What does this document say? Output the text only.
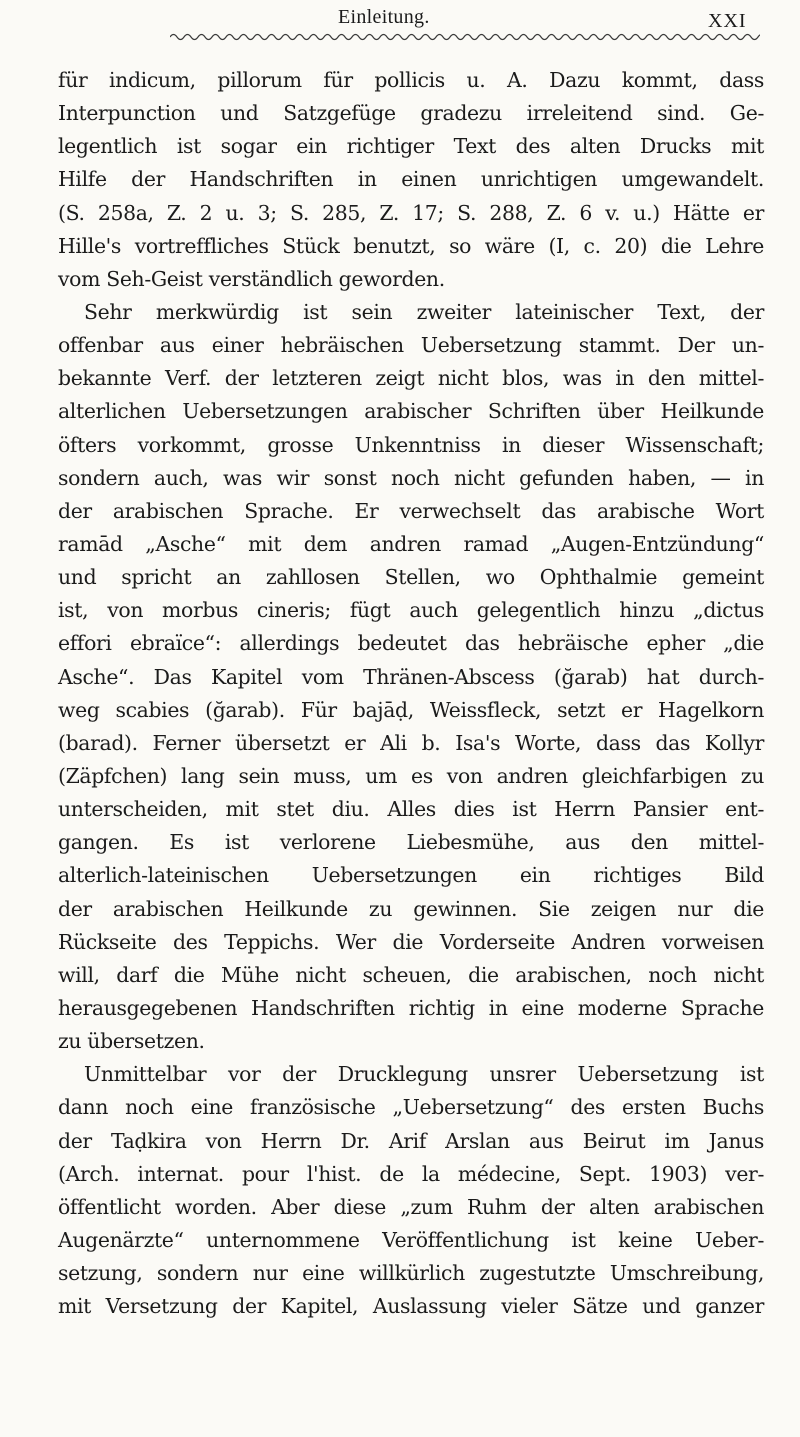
Einleitung.	XXI
für indicum, pillorum für pollicis u. A. Dazu kommt, dass
Interpunction und Satzgefüge gradezu irreleitend sind. Ge-
legentlich ist sogar ein richtiger Text des alten Drucks mit
Hilfe der Handschriften in einen unrichtigen umgewandelt.
(S. 258a, Z. 2 u. 3; S. 285, Z. 17; S. 288, Z. 6 v. u.) Hätte er
Hille's vortreffliches Stück benutzt, so wäre (I, c. 20) die Lehre
vom Seh-Geist verständlich geworden.
Sehr merkwürdig ist sein zweiter lateinischer Text, der
offenbar aus einer hebräischen Uebersetzung stammt. Der un-
bekannte Verf. der letzteren zeigt nicht blos, was in den mittel-
alterlichen Uebersetzungen arabischer Schriften über Heilkunde
öfters vorkommt, grosse Unkenntniss in dieser Wissenschaft;
sondern auch, was wir sonst noch nicht gefunden haben, — in
der arabischen Sprache. Er verwechselt das arabische Wort
ramād „Asche“ mit dem andren ramad „Augen-Entzündung“
und spricht an zahllosen Stellen, wo Ophthalmie gemeint
ist, von morbus cineris; fügt auch gelegentlich hinzu „dictus
effori ebraïce“: allerdings bedeutet das hebräische epher „die
Asche“. Das Kapitel vom Thränen-Abscess (ğarab) hat durch-
weg scabies (ğarab). Für bajāḍ, Weissfleck, setzt er Hagelkorn
(barad). Ferner übersetzt er Ali b. Isa's Worte, dass das Kollyr
(Zäpfchen) lang sein muss, um es von andren gleichfarbigen zu
unterscheiden, mit stet diu. Alles dies ist Herrn Pansier ent-
gangen. Es ist verlorene Liebesmühe, aus den mittel-
alterlich-lateinischen Uebersetzungen ein richtiges Bild
der arabischen Heilkunde zu gewinnen. Sie zeigen nur die
Rückseite des Teppichs. Wer die Vorderseite Andren vorweisen
will, darf die Mühe nicht scheuen, die arabischen, noch nicht
herausgegebenen Handschriften richtig in eine moderne Sprache
zu übersetzen.
Unmittelbar vor der Drucklegung unsrer Uebersetzung ist
dann noch eine französische „Uebersetzung“ des ersten Buchs
der Taḍkira von Herrn Dr. Arif Arslan aus Beirut im Janus
(Arch. internat. pour l'hist. de la médecine, Sept. 1903) ver-
öffentlicht worden. Aber diese „zum Ruhm der alten arabischen
Augenärzte“ unternommene Veröffentlichung ist keine Ueber-
setzung, sondern nur eine willkürlich zugestutzte Umschreibung,
mit Versetzung der Kapitel, Auslassung vieler Sätze und ganzer
